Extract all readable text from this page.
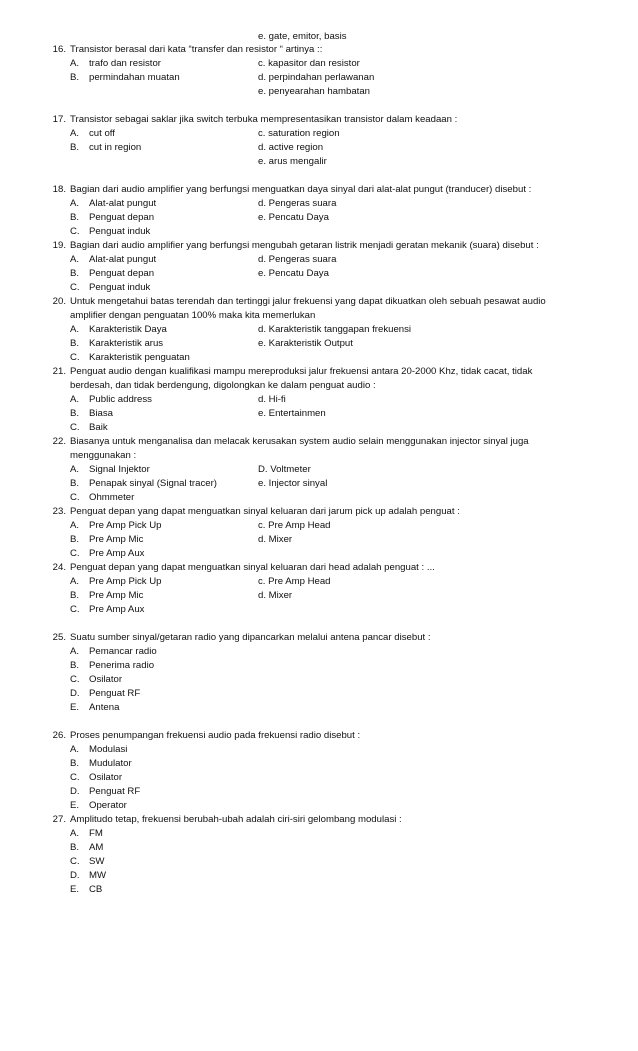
e. gate, emitor, basis
16. Transistor berasal dari kata “transfer dan resistor “ artinya ::
A. trafo dan resistor	c. kapasitor dan resistor
B. permindahan muatan	d. perpindahan perlawanan
e. penyearahan hambatan
17. Transistor sebagai saklar jika switch terbuka mempresentasikan transistor dalam keadaan :
A. cut off	c. saturation region
B. cut in region	d. active region
e. arus mengalir
18. Bagian dari audio amplifier yang berfungsi menguatkan daya sinyal dari alat-alat pungut (tranducer) disebut :
A. Alat-alat pungut	d. Pengeras suara
B. Penguat depan	e. Pencatu Daya
C. Penguat induk
19. Bagian dari audio amplifier yang berfungsi mengubah getaran listrik menjadi geratan mekanik (suara) disebut :
A. Alat-alat pungut	d. Pengeras suara
B. Penguat depan	e. Pencatu Daya
C. Penguat induk
20. Untuk mengetahui batas terendah dan tertinggi jalur frekuensi yang dapat dikuatkan oleh sebuah pesawat audio
amplifier dengan penguatan 100% maka kita memerlukan
A. Karakteristik Daya	d. Karakteristik tanggapan frekuensi
B. Karakteristik arus	e. Karakteristik Output
C. Karakteristik penguatan
21. Penguat audio dengan kualifikasi mampu mereproduksi jalur frekuensi antara 20-2000 Khz, tidak cacat, tidak
berdesah, dan tidak berdengung, digolongkan ke dalam penguat audio :
A. Public address	d. Hi-fi
B. Biasa	e. Entertainmen
C. Baik
22. Biasanya untuk menganalisa dan melacak kerusakan system audio selain menggunakan injector sinyal juga
menggunakan :
A. Signal Injektor	D. Voltmeter
B. Penapak sinyal (Signal tracer)	e. Injector sinyal
C. Ohmmeter
23. Penguat depan yang dapat menguatkan sinyal keluaran dari jarum pick up adalah penguat :
A. Pre Amp Pick Up	c. Pre Amp Head
B. Pre Amp Mic	d. Mixer
C. Pre Amp Aux
24. Penguat depan yang dapat menguatkan sinyal keluaran dari head adalah penguat : ...
A. Pre Amp Pick Up	c. Pre Amp Head
B. Pre Amp Mic	d. Mixer
C. Pre Amp Aux
25. Suatu sumber sinyal/getaran radio yang dipancarkan melalui antena pancar disebut :
A. Pemancar radio
B. Penerima radio
C. Osilator
D. Penguat RF
E. Antena
26. Proses penumpangan frekuensi audio pada frekuensi radio disebut :
A. Modulasi
B. Mudulator
C. Osilator
D. Penguat RF
E. Operator
27. Amplitudo tetap, frekuensi berubah-ubah adalah ciri-siri gelombang modulasi :
A. FM
B. AM
C. SW
D. MW
E. CB
